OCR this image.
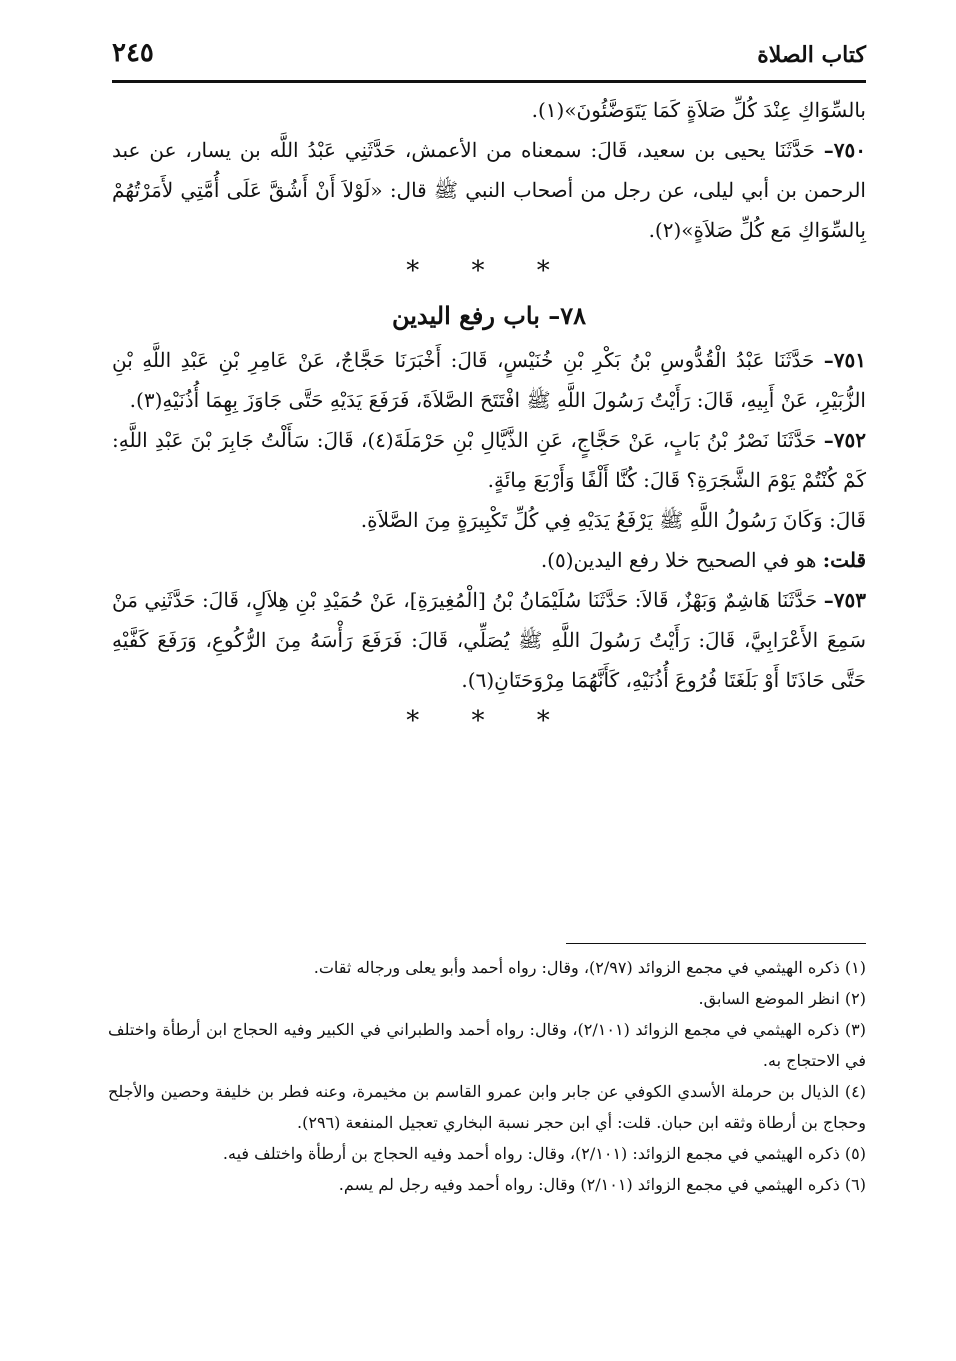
كتاب الصلاة
٢٤٥

بالسِّوَاكِ عِنْدَ كُلِّ صَلاَةٍ كَمَا يَتَوَضَّئُونَ»(١).

٧٥٠– حَدَّثَنَا يحيى بن سعيد، قَالَ: سمعناه من الأعمش، حَدَّثَنِي عَبْدُ اللَّه بن يسار، عن عبد الرحمن بن أبي ليلى، عن رجل من أصحاب النبي ﷺ قال: «لَوْلاَ أَنْ أَشُقَّ عَلَى أُمَّتِي لأَمَرْتُهُمْ بِالسِّوَاكِ مَع كُلِّ صَلاَةٍ»(٢).

* * *
٧٨– باب رفع اليدين

٧٥١– حَدَّثَنَا عَبْدُ الْقُدُّوسِ بْنُ بَكْرِ بْنِ خُنَيْسٍ، قَالَ: أَخْبَرَنَا حَجَّاجٌ، عَنْ عَامِرِ بْنِ عَبْدِ اللَّهِ بْنِ الزُّبَيْرِ، عَنْ أَبِيهِ، قَالَ: رَأَيْتُ رَسُولَ اللَّهِ ﷺ افْتَتَحَ الصَّلاَةَ، فَرَفَعَ يَدَيْهِ حَتَّى جَاوَزَ بِهِمَا أُذُنَيْهِ(٣).

٧٥٢– حَدَّثَنَا نَصْرُ بْنُ بَابٍ، عَنْ حَجَّاجٍ، عَنِ الذَّيَّالِ بْنِ حَرْمَلَةَ(٤)، قَالَ: سَأَلْتُ جَابِرَ بْنَ عَبْدِ اللَّهِ: كَمْ كُنْتُمْ يَوْمَ الشَّجَرَةِ؟ قَالَ: كُنَّا أَلْفًا وَأَرْبَعَ مِائَةٍ.

قَالَ: وَكَانَ رَسُولُ اللَّهِ ﷺ يَرْفَعُ يَدَيْهِ فِي كُلِّ تَكْبِيرَةٍ مِنَ الصَّلاَةِ.

قلت: هو في الصحيح خلا رفع اليدين(٥).

٧٥٣– حَدَّثَنَا هَاشِمٌ وَبَهْزٌ، قَالاَ: حَدَّثَنَا سُلَيْمَانُ بْنُ [الْمُغِيرَةِ]، عَنْ حُمَيْدِ بْنِ هِلاَلٍ، قَالَ: حَدَّثَنِي مَنْ سَمِعَ الأَعْرَابِيَّ، قَالَ: رَأَيْتُ رَسُولَ اللَّهِ ﷺ يُصَلِّي، قَالَ: فَرَفَعَ رَأْسَهُ مِنَ الرُّكُوعِ، وَرَفَعَ كَفَّيْهِ حَتَّى حَاذَتَا أَوْ بَلَغَتَا فُرُوعَ أُذُنَيْهِ، كَأَنَّهُمَا مِرْوَحَتَانِ(٦).

* * *

(١) ذكره الهيثمي في مجمع الزوائد (٢/٩٧)، وقال: رواه أحمد وأبو يعلى ورجاله ثقات.

(٢) انظر الموضع السابق.

(٣) ذكره الهيثمي في مجمع الزوائد (٢/١٠١)، وقال: رواه أحمد والطبراني في الكبير وفيه الحجاج ابن أرطأة واختلف في الاحتجاج به.

(٤) الذيال بن حرملة الأسدي الكوفي عن جابر وابن عمرو القاسم بن مخيمرة، وعنه فطر بن خليفة وحصين والأجلح وحجاج بن أرطاة وثقه ابن حبان. قلت: أي ابن حجر نسبة البخاري تعجيل المنفعة (٢٩٦).

(٥) ذكره الهيثمي في مجمع الزوائد: (٢/١٠١)، وقال: رواه أحمد وفيه الحجاج بن أرطأة واختلف فيه.

(٦) ذكره الهيثمي في مجمع الزوائد (٢/١٠١) وقال: رواه أحمد وفيه رجل لم يسم.
